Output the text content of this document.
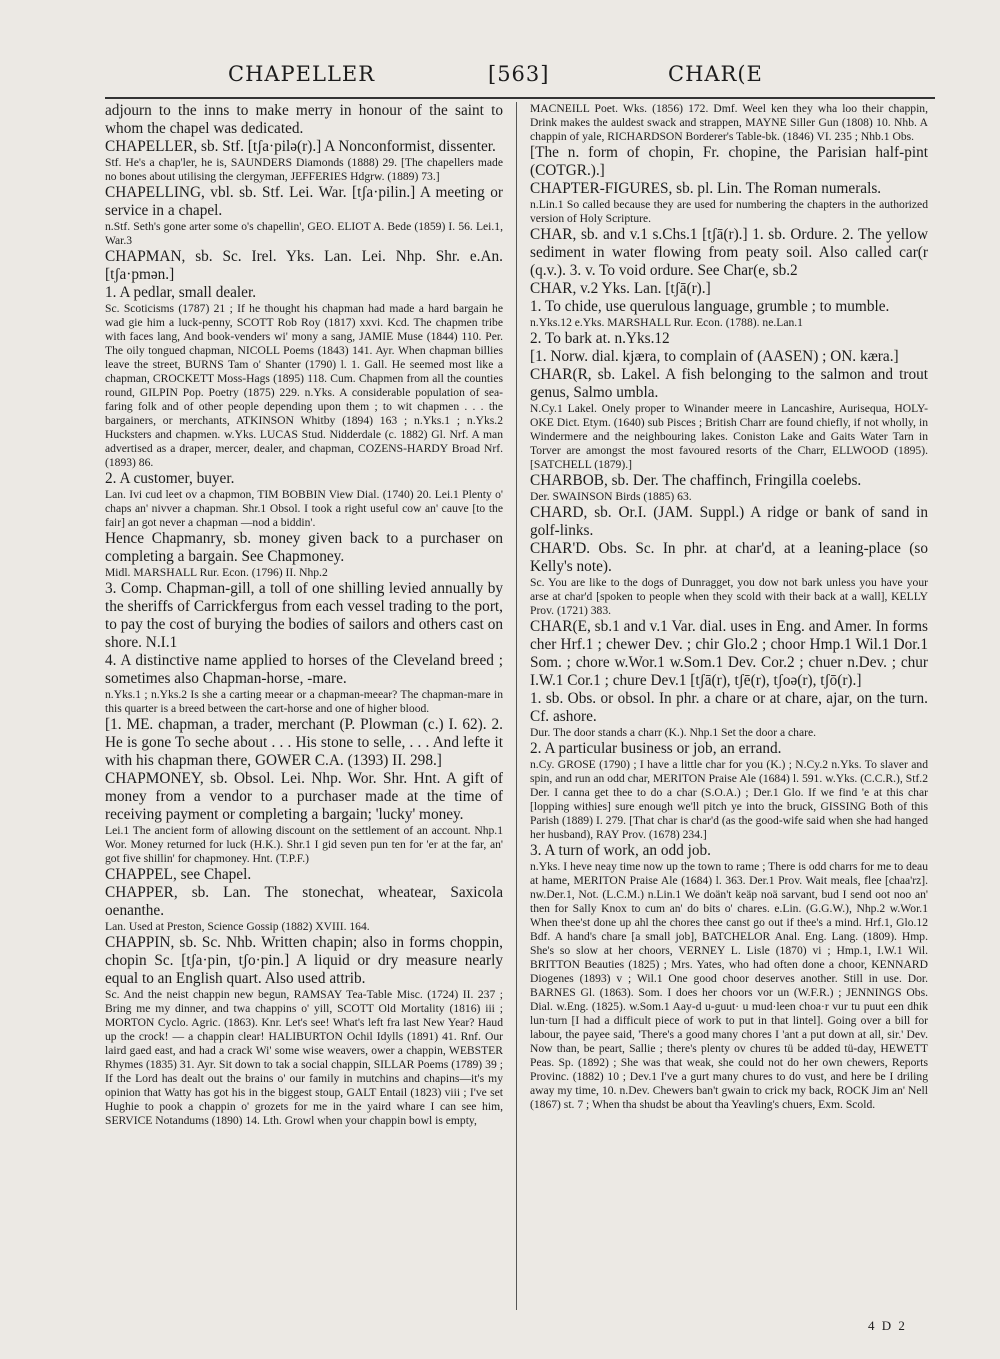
CHAPELLER	[563]	CHAR(E

adjourn to the inns to make merry in honour of the saint to whom the chapel was dedicated.

CHAPELLER, sb. Stf. [tʃa·pilə(r).] A Nonconformist, dissenter.

Stf. He's a chap'ler, he is, SAUNDERS Diamonds (1888) 29. [The chapellers made no bones about utilising the clergyman, JEFFERIES Hdgrw. (1889) 73.]

CHAPELLING, vbl. sb. Stf. Lei. War. [tʃa·pilin.] A meeting or service in a chapel.

n.Stf. Seth's gone arter some o's chapellin', GEO. ELIOT A. Bede (1859) I. 56. Lei.1, War.3

CHAPMAN, sb. Sc. Irel. Yks. Lan. Lei. Nhp. Shr. e.An. [tʃa·pmən.]

1. A pedlar, small dealer.

Sc. Scoticisms (1787) 21 ; If he thought his chapman had made a hard bargain he wad gie him a luck-penny, SCOTT Rob Roy (1817) xxvi. Kcd. The chapmen tribe with faces lang, And book-venders wi' mony a sang, JAMIE Muse (1844) 110. Per. The oily tongued chapman, NICOLL Poems (1843) 141. Ayr. When chapman billies leave the street, BURNS Tam o' Shanter (1790) l. 1. Gall. He seemed most like a chapman, CROCKETT Moss-Hags (1895) 118. Cum. Chapmen from all the counties round, GILPIN Pop. Poetry (1875) 229. n.Yks. A considerable population of sea-faring folk and of other people depending upon them ; to wit chapmen . . . the bargainers, or merchants, ATKINSON Whitby (1894) 163 ; n.Yks.1 ; n.Yks.2 Hucksters and chapmen. w.Yks. LUCAS Stud. Nidderdale (c. 1882) Gl. Nrf. A man advertised as a draper, mercer, dealer, and chapman, COZENS-HARDY Broad Nrf. (1893) 86.

2. A customer, buyer.

Lan. Ivi cud leet ov a chapmon, TIM BOBBIN View Dial. (1740) 20. Lei.1 Plenty o' chaps an' nivver a chapman. Shr.1 Obsol. I took a right useful cow an' cauve [to the fair] an got never a chapman —nod a biddin'.

Hence Chapmanry, sb. money given back to a purchaser on completing a bargain. See Chapmoney.

Midl. MARSHALL Rur. Econ. (1796) II. Nhp.2

3. Comp. Chapman-gill, a toll of one shilling levied annually by the sheriffs of Carrickfergus from each vessel trading to the port, to pay the cost of burying the bodies of sailors and others cast on shore. N.I.1

4. A distinctive name applied to horses of the Cleveland breed ; sometimes also Chapman-horse, -mare.

n.Yks.1 ; n.Yks.2 Is she a carting meear or a chapman-meear? The chapman-mare in this quarter is a breed between the cart-horse and one of higher blood.

[1. ME. chapman, a trader, merchant (P. Plowman (c.) I. 62). 2. He is gone To seche about . . . His stone to selle, . . . And lefte it with his chapman there, GOWER C.A. (1393) II. 298.]

CHAPMONEY, sb. Obsol. Lei. Nhp. Wor. Shr. Hnt. A gift of money from a vendor to a purchaser made at the time of receiving payment or completing a bargain; 'lucky' money.

Lei.1 The ancient form of allowing discount on the settlement of an account. Nhp.1 Wor. Money returned for luck (H.K.). Shr.1 I gid seven pun ten for 'er at the far, an' got five shillin' for chapmoney. Hnt. (T.P.F.)

CHAPPEL, see Chapel.

CHAPPER, sb. Lan. The stonechat, wheatear, Saxicola oenanthe.

Lan. Used at Preston, Science Gossip (1882) XVIII. 164.

CHAPPIN, sb. Sc. Nhb. Written chapin; also in forms choppin, chopin Sc. [tʃa·pin, tʃo·pin.] A liquid or dry measure nearly equal to an English quart. Also used attrib.

Sc. And the neist chappin new begun, RAMSAY Tea-Table Misc. (1724) II. 237 ; Bring me my dinner, and twa chappins o' yill, SCOTT Old Mortality (1816) iii ; MORTON Cyclo. Agric. (1863). Knr. Let's see! What's left fra last New Year? Haud up the crock! — a chappin clear! HALIBURTON Ochil Idylls (1891) 41. Rnf. Our laird gaed east, and had a crack Wi' some wise weavers, ower a chappin, WEBSTER Rhymes (1835) 31. Ayr. Sit down to tak a social chappin, SILLAR Poems (1789) 39 ; If the Lord has dealt out the brains o' our family in mutchins and chapins—it's my opinion that Watty has got his in the biggest stoup, GALT Entail (1823) viii ; I've set Hughie to pook a chappin o' grozets for me in the yaird whare I can see him, SERVICE Notandums (1890) 14. Lth. Growl when your chappin bowl is empty,

MACNEILL Poet. Wks. (1856) 172. Dmf. Weel ken they wha loo their chappin, Drink makes the auldest swack and strappen, MAYNE Siller Gun (1808) 10. Nhb. A chappin of yale, RICHARDSON Borderer's Table-bk. (1846) VI. 235 ; Nhb.1 Obs.

[The n. form of chopin, Fr. chopine, the Parisian half-pint (COTGR.).]

CHAPTER-FIGURES, sb. pl. Lin. The Roman numerals.

n.Lin.1 So called because they are used for numbering the chapters in the authorized version of Holy Scripture.

CHAR, sb. and v.1 s.Chs.1 [tʃā(r).] 1. sb. Ordure. 2. The yellow sediment in water flowing from peaty soil. Also called car(r (q.v.). 3. v. To void ordure. See Char(e, sb.2

CHAR, v.2 Yks. Lan. [tʃā(r).]

1. To chide, use querulous language, grumble ; to mumble.

n.Yks.12 e.Yks. MARSHALL Rur. Econ. (1788). ne.Lan.1

2. To bark at. n.Yks.12

[1. Norw. dial. kjæra, to complain of (AASEN) ; ON. kæra.]

CHAR(R, sb. Lakel. A fish belonging to the salmon and trout genus, Salmo umbla.

N.Cy.1 Lakel. Onely proper to Winander meere in Lancashire, Aurisequa, HOLY-OKE Dict. Etym. (1640) sub Pisces ; British Charr are found chiefly, if not wholly, in Windermere and the neighbouring lakes. Coniston Lake and Gaits Water Tarn in Torver are amongst the most favoured resorts of the Charr, ELLWOOD (1895). [SATCHELL (1879).]

CHARBOB, sb. Der. The chaffinch, Fringilla coelebs.

Der. SWAINSON Birds (1885) 63.

CHARD, sb. Or.I. (JAM. Suppl.) A ridge or bank of sand in golf-links.

CHAR'D. Obs. Sc. In phr. at char'd, at a leaning-place (so Kelly's note).

Sc. You are like to the dogs of Dunragget, you dow not bark unless you have your arse at char'd [spoken to people when they scold with their back at a wall], KELLY Prov. (1721) 383.

CHAR(E, sb.1 and v.1 Var. dial. uses in Eng. and Amer. In forms cher Hrf.1 ; chewer Dev. ; chir Glo.2 ; choor Hmp.1 Wil.1 Dor.1 Som. ; chore w.Wor.1 w.Som.1 Dev. Cor.2 ; chuer n.Dev. ; chur I.W.1 Cor.1 ; chure Dev.1 [tʃā(r), tʃē(r), tʃoə(r), tʃō(r).]

1. sb. Obs. or obsol. In phr. a chare or at chare, ajar, on the turn. Cf. ashore.

Dur. The door stands a charr (K.). Nhp.1 Set the door a chare.

2. A particular business or job, an errand.

n.Cy. GROSE (1790) ; I have a little char for you (K.) ; N.Cy.2 n.Yks. To slaver and spin, and run an odd char, MERITON Praise Ale (1684) l. 591. w.Yks. (C.C.R.), Stf.2 Der. I canna get thee to do a char (S.O.A.) ; Der.1 Glo. If we find 'e at this char [lopping withies] sure enough we'll pitch ye into the bruck, GISSING Both of this Parish (1889) I. 279. [That char is char'd (as the good-wife said when she had hanged her husband), RAY Prov. (1678) 234.]

3. A turn of work, an odd job.

n.Yks. I heve neay time now up the town to rame ; There is odd charrs for me to deau at hame, MERITON Praise Ale (1684) l. 363. Der.1 Prov. Wait meals, flee [chaa'rz]. nw.Der.1, Not. (L.C.M.) n.Lin.1 We doän't keäp noä sarvant, bud I send oot noo an' then for Sally Knox to cum an' do bits o' chares. e.Lin. (G.G.W.), Nhp.2 w.Wor.1 When thee'st done up ahl the chores thee canst go out if thee's a mind. Hrf.1, Glo.12 Bdf. A hand's chare [a small job], BATCHELOR Anal. Eng. Lang. (1809). Hmp. She's so slow at her choors, VERNEY L. Lisle (1870) vi ; Hmp.1, I.W.1 Wil. BRITTON Beauties (1825) ; Mrs. Yates, who had often done a choor, KENNARD Diogenes (1893) v ; Wil.1 One good choor deserves another. Still in use. Dor. BARNES Gl. (1863). Som. I does her choors vor un (W.F.R.) ; JENNINGS Obs. Dial. w.Eng. (1825). w.Som.1 Aay-d u-guut· u mud·leen choa·r vur tu puut een dhik lun·turn [I had a difficult piece of work to put in that lintel]. Going over a bill for labour, the payee said, 'There's a good many chores I 'ant a put down at all, sir.' Dev. Now than, be peart, Sallie ; there's plenty ov chures tü be added tü-day, HEWETT Peas. Sp. (1892) ; She was that weak, she could not do her own chewers, Reports Provinc. (1882) 10 ; Dev.1 I've a gurt many chures to do vust, and here be I driling away my time, 10. n.Dev. Chewers ban't gwain to crick my back, ROCK Jim an' Nell (1867) st. 7 ; When tha shudst be about tha Yeavling's chuers, Exm. Scold.

4 D 2
